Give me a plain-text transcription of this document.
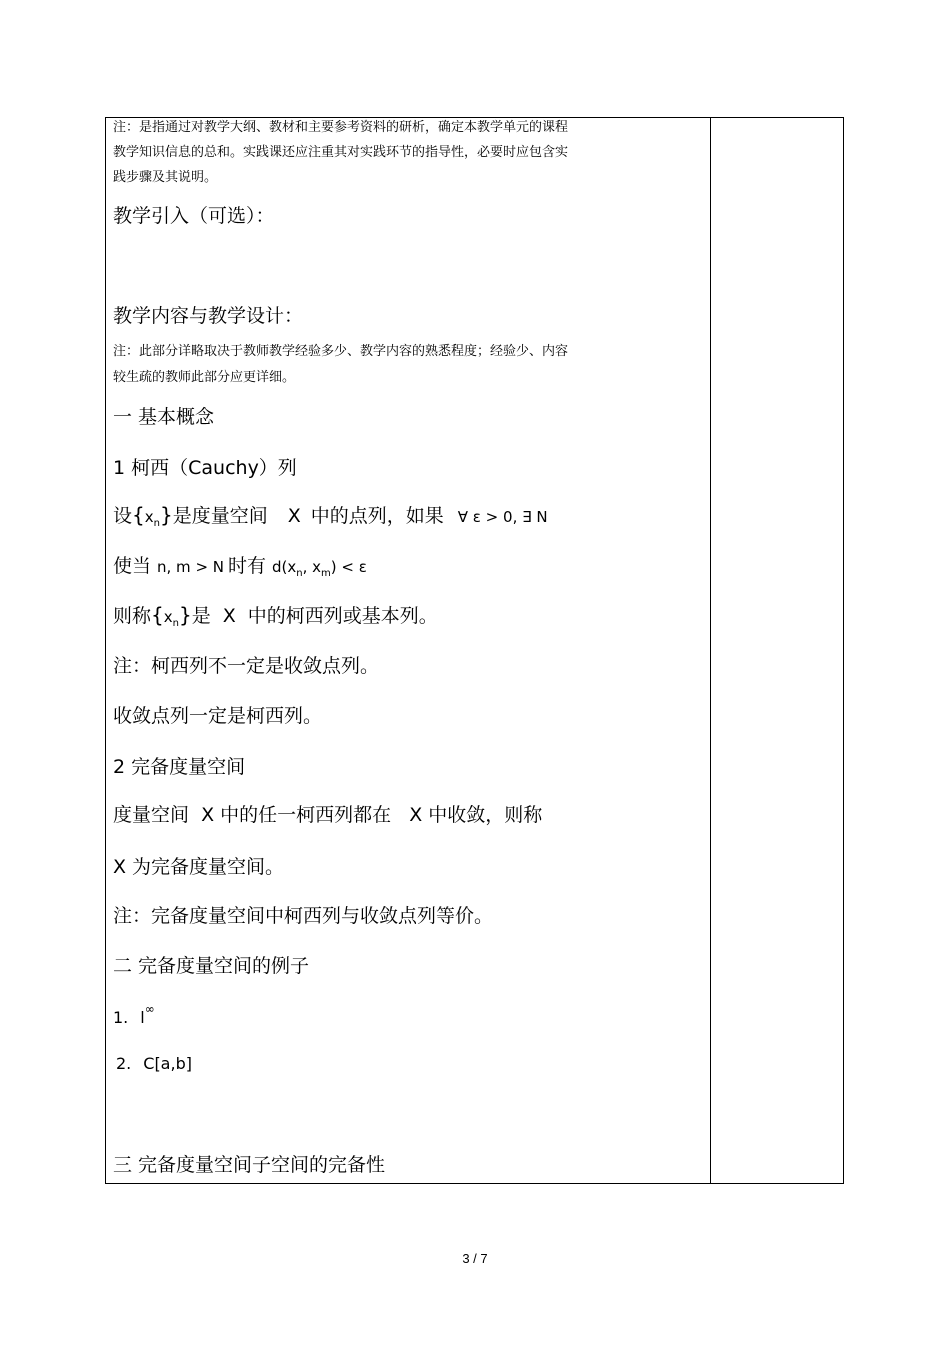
注：是指通过对教学大纲、教材和主要参考资料的研析，确定本教学单元的课程
教学知识信息的总和。实践课还应注重其对实践环节的指导性，必要时应包含实
践步骤及其说明。
教学引入（可选）：
教学内容与教学设计：
注：此部分详略取决于教师教学经验多少、教学内容的熟悉程度；经验少、内容
较生疏的教师此部分应更详细。
一 基本概念
1 柯西（Cauchy）列
设$\{x_n\}$是度量空间 X 中的点列，如果 ∀ ε > 0, ∃ N
使当 n, m > N 时有 $d(x_n$, $x_m) < \varepsilon$
则称$\{x_n\}$是 X 中的柯西列或基本列。
注：柯西列不一定是收敛点列。
收敛点列一定是柯西列。
2 完备度量空间
度量空间  X 中的任一柯西列都在   X 中收敛，则称
X 为完备度量空间。
注：完备度量空间中柯西列与收敛点列等价。
二 完备度量空间的例子
1. l∞
2. C[a,b]
三 完备度量空间子空间的完备性
3 / 7
